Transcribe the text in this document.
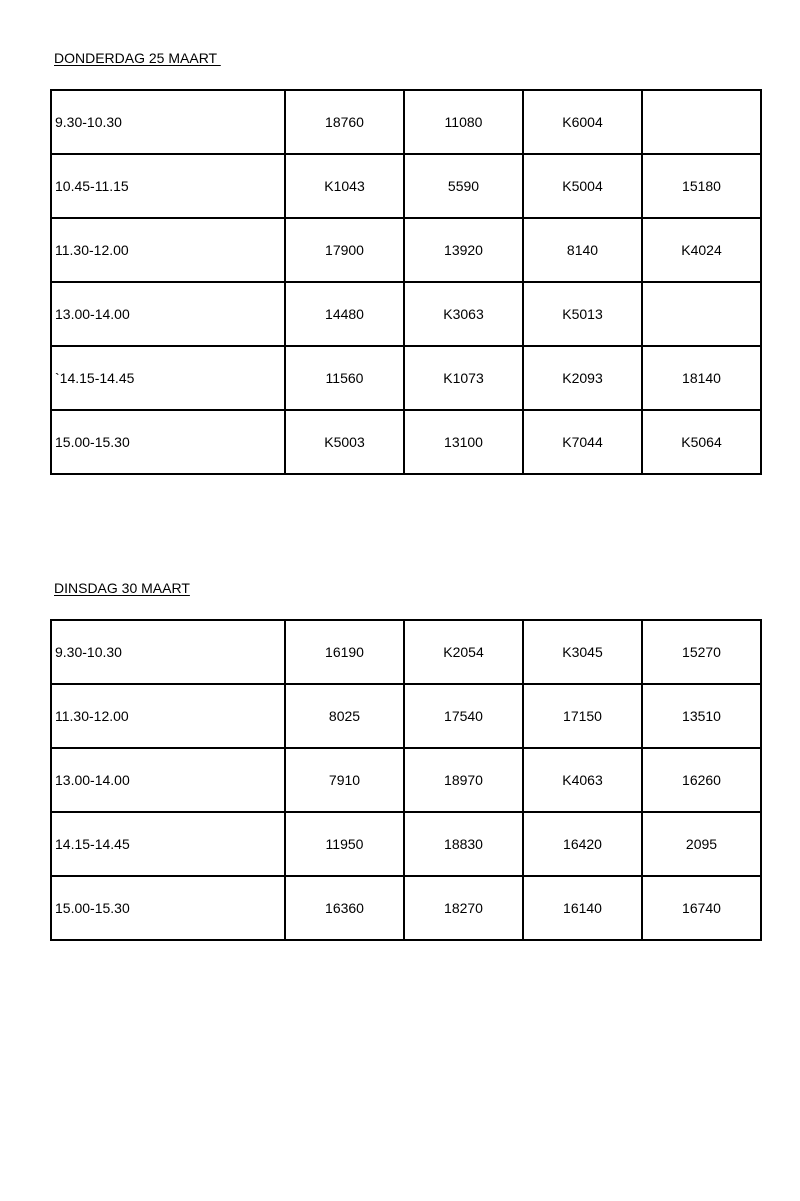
DONDERDAG 25 MAART
9.30-10.30	18760	11080	K6004	
10.45-11.15	K1043	5590	K5004	15180
11.30-12.00	17900	13920	8140	K4024
13.00-14.00	14480	K3063	K5013	
`14.15-14.45	11560	K1073	K2093	18140
15.00-15.30	K5003	13100	K7044	K5064
DINSDAG 30 MAART
9.30-10.30	16190	K2054	K3045	15270
11.30-12.00	8025	17540	17150	13510
13.00-14.00	7910	18970	K4063	16260
14.15-14.45	11950	18830	16420	2095
15.00-15.30	16360	18270	16140	16740
